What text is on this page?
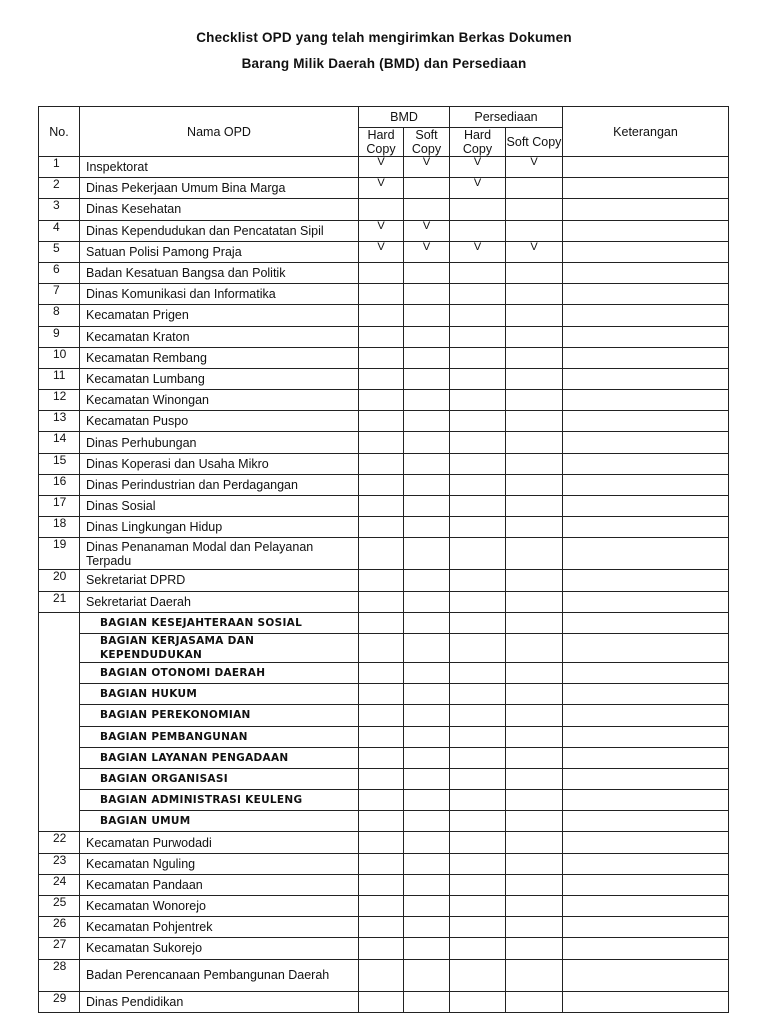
Checklist OPD yang telah mengirimkan Berkas Dokumen
Barang Milik Daerah (BMD) dan Persediaan
No.	Nama OPD	BMD		Persediaan		Keterangan
		Hard Copy	Soft Copy	Hard Copy	Soft Copy	
1	Inspektorat	V	V	V	V	
2	Dinas Pekerjaan Umum Bina Marga	V		V		
3	Dinas Kesehatan					
4	Dinas Kependudukan dan Pencatatan Sipil	V	V			
5	Satuan Polisi Pamong Praja	V	V	V	V	
6	Badan Kesatuan Bangsa dan Politik					
7	Dinas Komunikasi dan Informatika					
8	Kecamatan Prigen					
9	Kecamatan Kraton					
10	Kecamatan Rembang					
11	Kecamatan Lumbang					
12	Kecamatan Winongan					
13	Kecamatan Puspo					
14	Dinas Perhubungan					
15	Dinas Koperasi dan Usaha Mikro					
16	Dinas Perindustrian dan Perdagangan					
17	Dinas Sosial					
18	Dinas Lingkungan Hidup					
19	Dinas Penanaman Modal dan Pelayanan Terpadu					
20	Sekretariat DPRD					
21	Sekretariat Daerah					
	BAGIAN KESEJAHTERAAN SOSIAL					
	BAGIAN KERJASAMA DAN KEPENDUDUKAN					
	BAGIAN OTONOMI DAERAH					
	BAGIAN HUKUM					
	BAGIAN PEREKONOMIAN					
	BAGIAN PEMBANGUNAN					
	BAGIAN LAYANAN PENGADAAN					
	BAGIAN ORGANISASI					
	BAGIAN ADMINISTRASI KEULENG					
	BAGIAN UMUM					
22	Kecamatan Purwodadi					
23	Kecamatan Nguling					
24	Kecamatan Pandaan					
25	Kecamatan Wonorejo					
26	Kecamatan Pohjentrek					
27	Kecamatan Sukorejo					
28	Badan Perencanaan Pembangunan Daerah					
29	Dinas Pendidikan					
